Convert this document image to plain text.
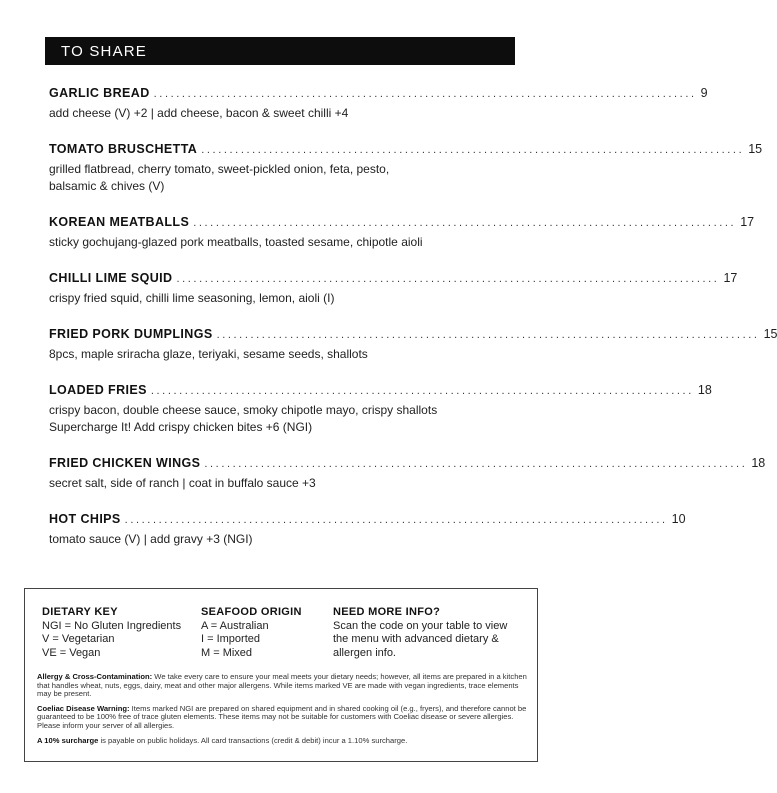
TO SHARE
GARLIC BREAD ................................................................................................ 9
add cheese (V) +2 | add cheese, bacon & sweet chilli +4
TOMATO BRUSCHETTA ................................................................................................ 15
grilled flatbread, cherry tomato, sweet-pickled onion, feta, pesto,
balsamic & chives (V)
KOREAN MEATBALLS ................................................................................................ 17
sticky gochujang-glazed pork meatballs, toasted sesame, chipotle aioli
CHILLI LIME SQUID ................................................................................................ 17
crispy fried squid, chilli lime seasoning, lemon, aioli (I)
FRIED PORK DUMPLINGS ................................................................................................ 15
8pcs, maple sriracha glaze, teriyaki, sesame seeds, shallots
LOADED FRIES ................................................................................................ 18
crispy bacon, double cheese sauce, smoky chipotle mayo, crispy shallots
Supercharge It! Add crispy chicken bites +6 (NGI)
FRIED CHICKEN WINGS ................................................................................................ 18
secret salt, side of ranch | coat in buffalo sauce +3
HOT CHIPS ................................................................................................ 10
tomato sauce (V) | add gravy +3 (NGI)
DIETARY KEY
NGI = No Gluten Ingredients
V = Vegetarian
VE = Vegan
SEAFOOD ORIGIN
A = Australian
I = Imported
M = Mixed
NEED MORE INFO?
Scan the code on your table to view
the menu with advanced dietary &
allergen info.
Allergy & Cross-Contamination: We take every care to ensure your meal meets your dietary needs; however, all items are prepared in a kitchen that handles wheat, nuts, eggs, dairy, meat and other major allergens. While items marked VE are made with vegan ingredients, trace elements may be present.
Coeliac Disease Warning: Items marked NGI are prepared on shared equipment and in shared cooking oil (e.g., fryers), and therefore cannot be guaranteed to be 100% free of trace gluten elements. These items may not be suitable for customers with Coeliac disease or severe allergies. Please inform your server of all allergies.
A 10% surcharge is payable on public holidays. All card transactions (credit & debit) incur a 1.10% surcharge.
